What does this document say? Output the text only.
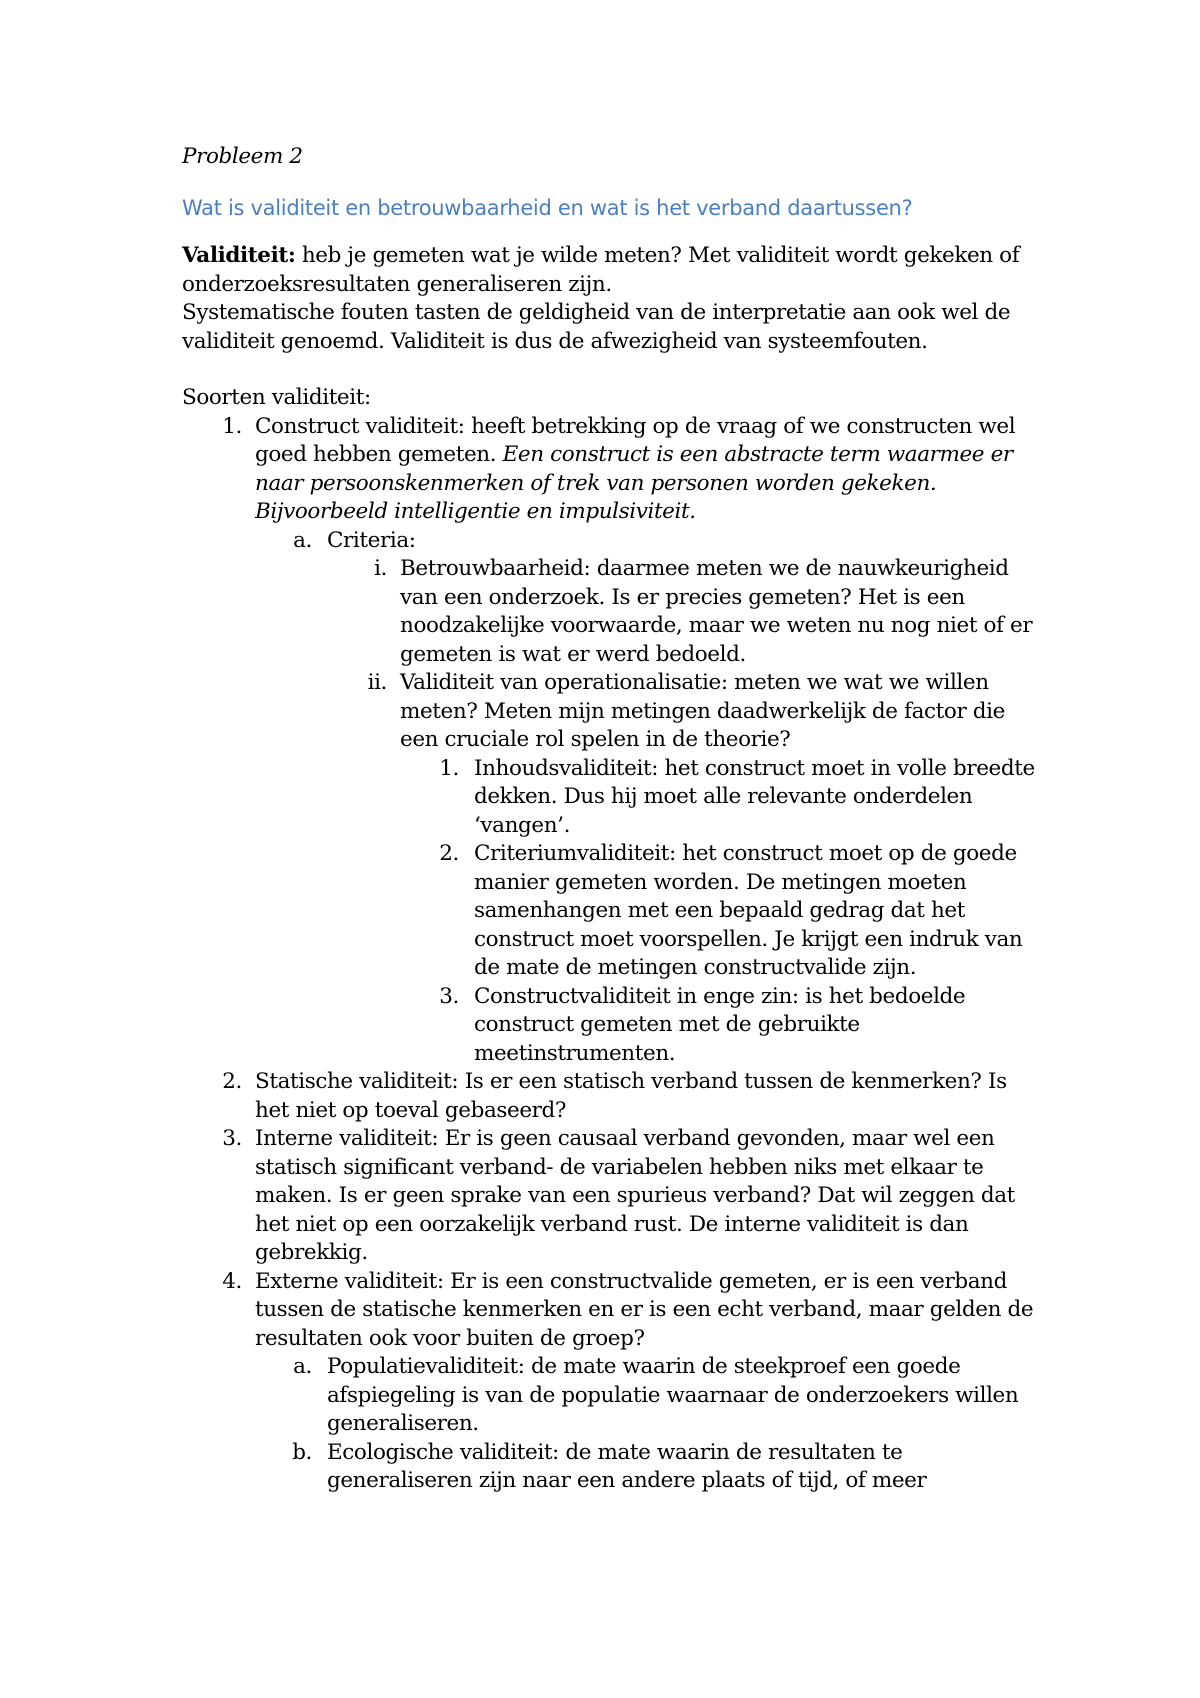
Probleem 2

Wat is validiteit en betrouwbaarheid en wat is het verband daartussen?

Validiteit: heb je gemeten wat je wilde meten? Met validiteit wordt gekeken of onderzoeksresultaten generaliseren zijn.

Systematische fouten tasten de geldigheid van de interpretatie aan ook wel de validiteit genoemd. Validiteit is dus de afwezigheid van systeemfouten.

Soorten validiteit:

1. Construct validiteit: heeft betrekking op de vraag of we constructen wel goed hebben gemeten. Een construct is een abstracte term waarmee er naar persoonskenmerken of trek van personen worden gekeken. Bijvoorbeeld intelligentie en impulsiviteit.
a. Criteria:
i. Betrouwbaarheid: daarmee meten we de nauwkeurigheid van een onderzoek. Is er precies gemeten? Het is een noodzakelijke voorwaarde, maar we weten nu nog niet of er gemeten is wat er werd bedoeld.
ii. Validiteit van operationalisatie: meten we wat we willen meten? Meten mijn metingen daadwerkelijk de factor die een cruciale rol spelen in de theorie?
1. Inhoudsvaliditeit: het construct moet in volle breedte dekken. Dus hij moet alle relevante onderdelen ‘vangen’.
2. Criteriumvaliditeit: het construct moet op de goede manier gemeten worden. De metingen moeten samenhangen met een bepaald gedrag dat het construct moet voorspellen. Je krijgt een indruk van de mate de metingen constructvalide zijn.
3. Constructvaliditeit in enge zin: is het bedoelde construct gemeten met de gebruikte meetinstrumenten.
2. Statische validiteit: Is er een statisch verband tussen de kenmerken? Is het niet op toeval gebaseerd?
3. Interne validiteit: Er is geen causaal verband gevonden, maar wel een statisch significant verband- de variabelen hebben niks met elkaar te maken. Is er geen sprake van een spurieus verband? Dat wil zeggen dat het niet op een oorzakelijk verband rust. De interne validiteit is dan gebrekkig.
4. Externe validiteit: Er is een constructvalide gemeten, er is een verband tussen de statische kenmerken en er is een echt verband, maar gelden de resultaten ook voor buiten de groep?
a. Populatievaliditeit: de mate waarin de steekproef een goede afspiegeling is van de populatie waarnaar de onderzoekers willen generaliseren.
b. Ecologische validiteit: de mate waarin de resultaten te generaliseren zijn naar een andere plaats of tijd, of meer
